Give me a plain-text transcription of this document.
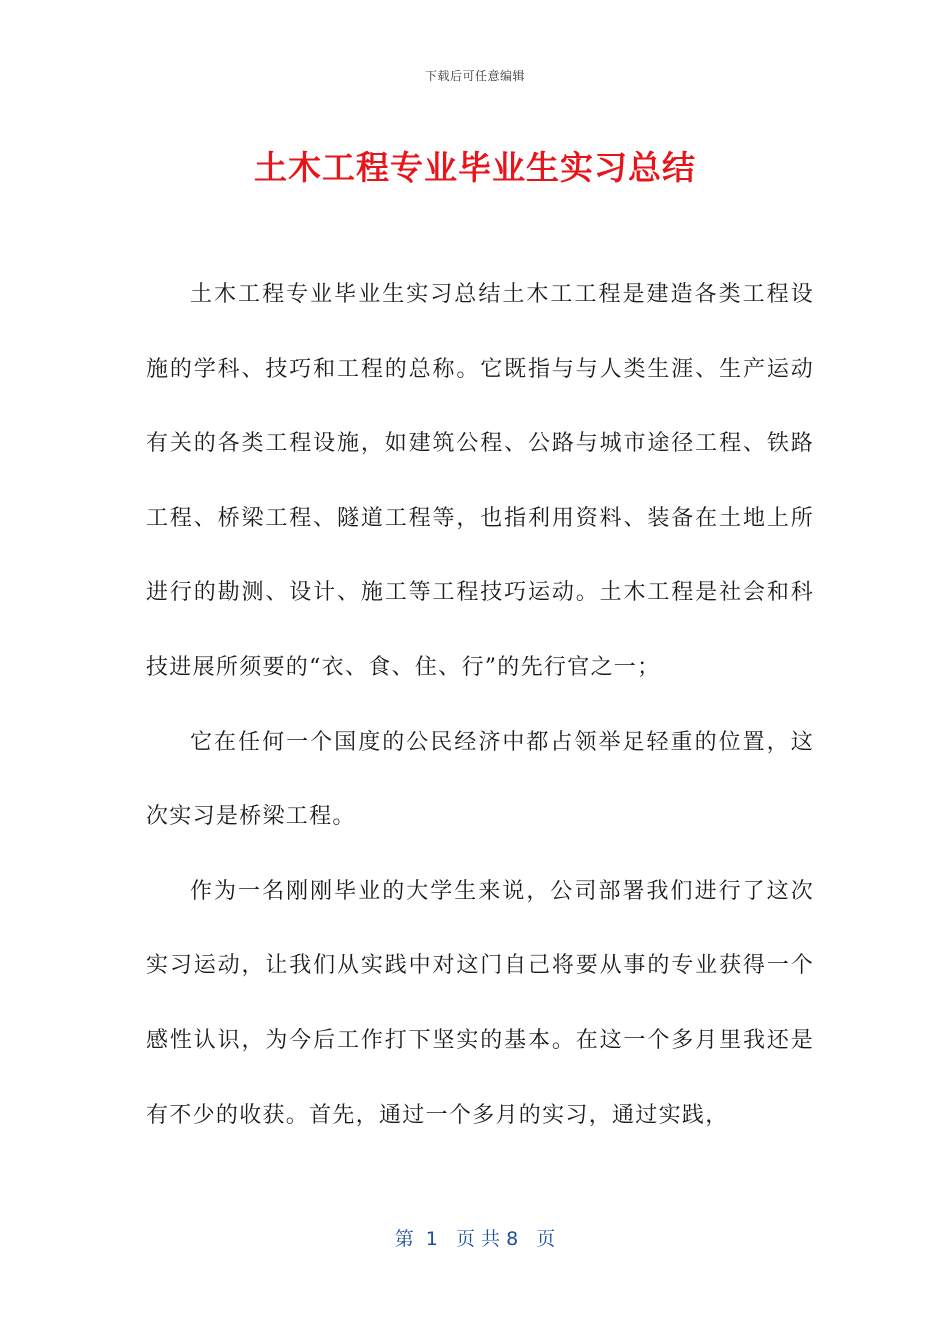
下载后可任意编辑
土木工程专业毕业生实习总结

土木工程专业毕业生实习总结土木工工程是建造各类工程设施的学科、技巧和工程的总称。它既指与与人类生涯、生产运动有关的各类工程设施，如建筑公程、公路与城市途径工程、铁路工程、桥梁工程、隧道工程等，也指利用资料、装备在土地上所进行的勘测、设计、施工等工程技巧运动。土木工程是社会和科技进展所须要的“衣、食、住、行”的先行官之一；

它在任何一个国度的公民经济中都占领举足轻重的位置，这次实习是桥梁工程。

作为一名刚刚毕业的大学生来说，公司部署我们进行了这次实习运动，让我们从实践中对这门自己将要从事的专业获得一个感性认识，为今后工作打下坚实的基本。在这一个多月里我还是有不少的收获。首先，通过一个多月的实习，通过实践，

第  1   页 共 8   页
